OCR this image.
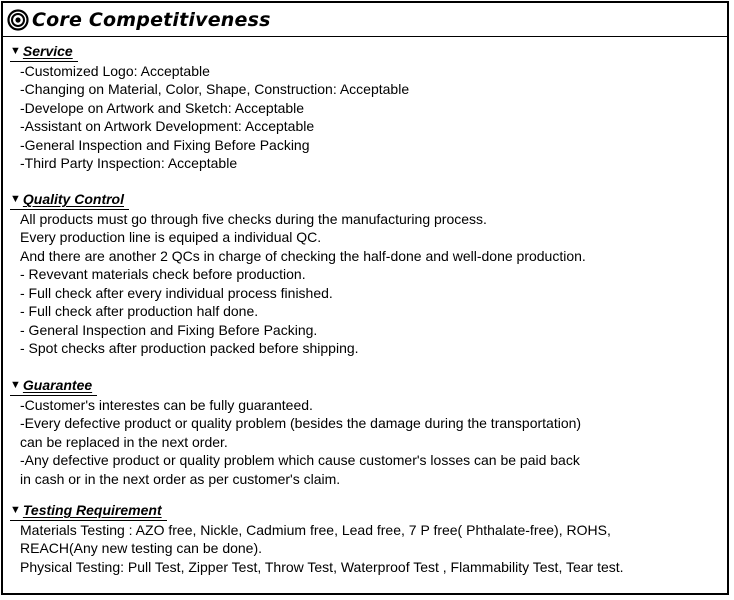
Core Competitiveness
▼ Service
-Customized Logo: Acceptable
-Changing on Material, Color, Shape, Construction: Acceptable
-Develope on Artwork and Sketch: Acceptable
-Assistant on Artwork Development: Acceptable
-General Inspection and Fixing Before Packing
-Third Party Inspection: Acceptable
▼ Quality Control
All products must go through five checks during the manufacturing process.
Every production line is equiped a individual QC.
And there are another 2 QCs in charge of checking the half-done and well-done production.
- Revevant materials check before production.
- Full check after every individual process finished.
- Full check after production half done.
- General Inspection and Fixing Before Packing.
- Spot checks after production packed before shipping.
▼ Guarantee
-Customer's interestes can be fully guaranteed.
-Every defective product or quality problem (besides the damage during the transportation)
can be replaced in the next order.
-Any defective product or quality problem which cause customer's losses can be paid back
in cash or in the next order as per customer's claim.
▼ Testing Requirement
Materials Testing : AZO free, Nickle, Cadmium free, Lead free, 7 P free( Phthalate-free), ROHS,
REACH(Any new testing can be done).
Physical Testing: Pull Test, Zipper Test, Throw Test, Waterproof Test , Flammability Test, Tear test.
